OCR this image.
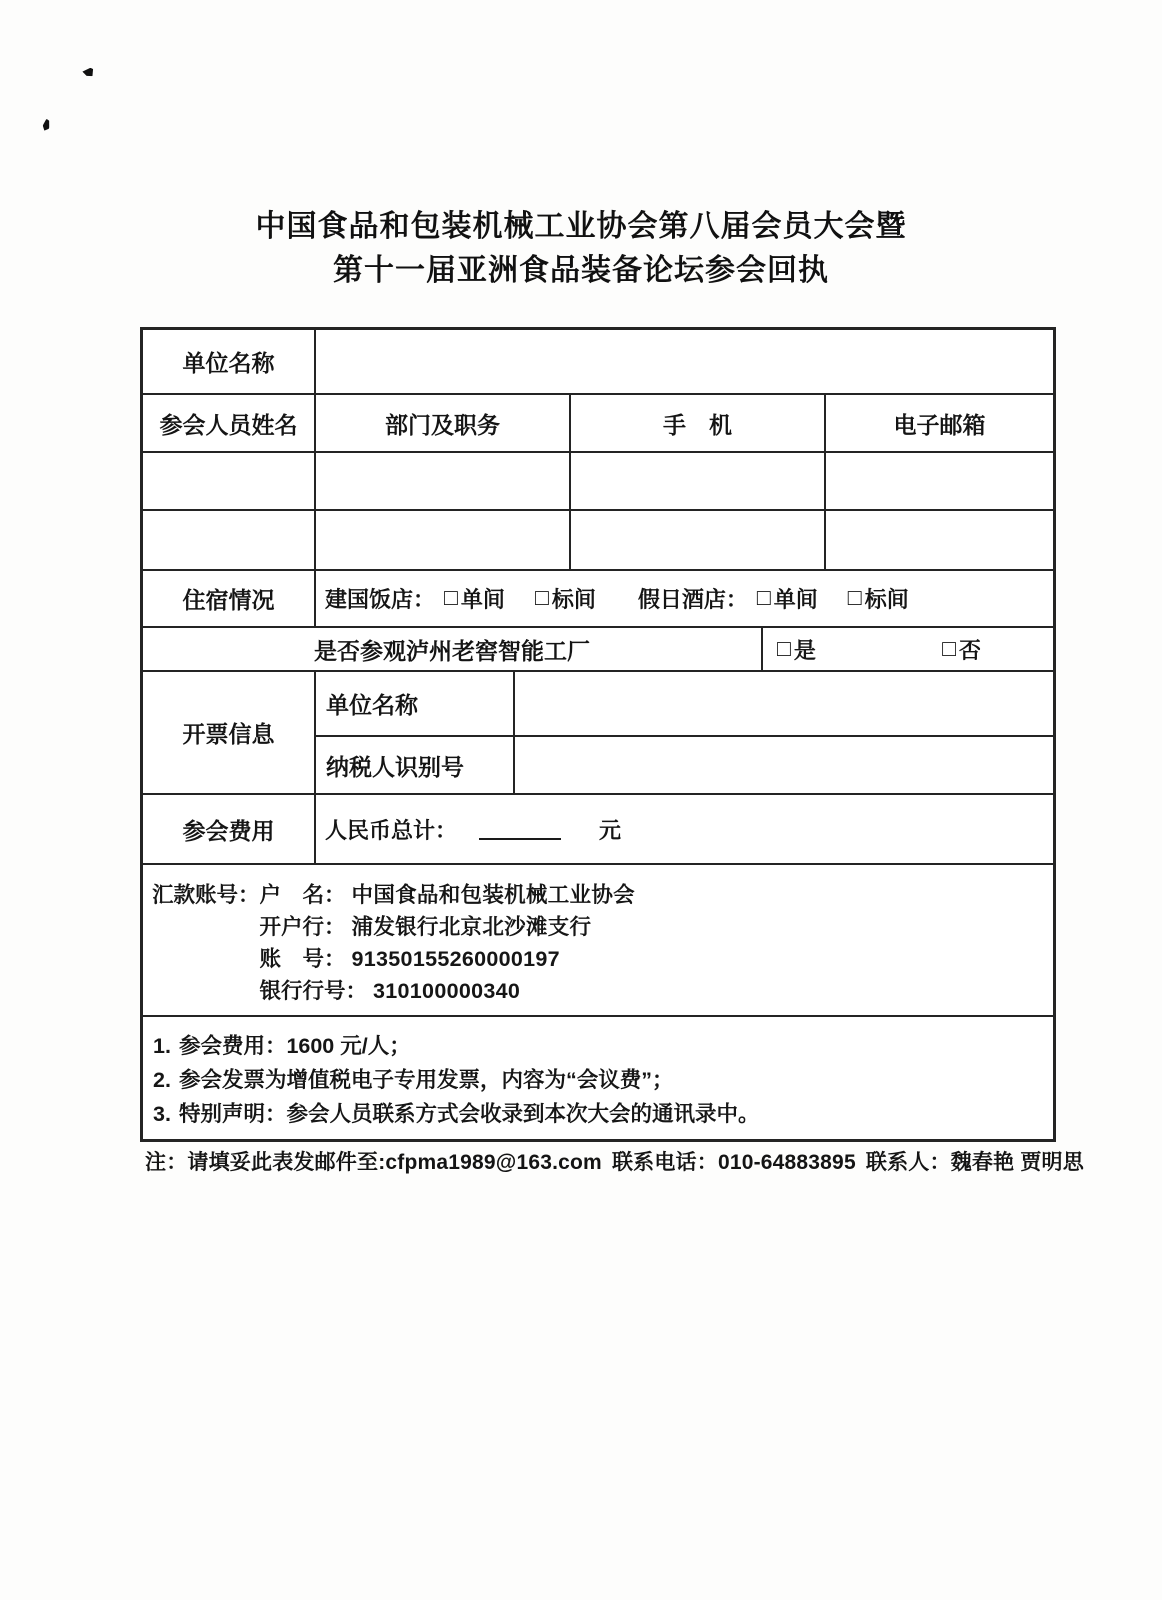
中国食品和包装机械工业协会第八届会员大会暨
第十一届亚洲食品装备论坛参会回执
单位名称
参会人员姓名	部门及职务	手　机	电子邮箱
住宿情况 建国饭店： □ 单间 □ 标间 假日酒店： □ 单间 □ 标间
是否参观泸州老窖智能工厂	□ 是	□ 否
开票信息
单位名称
纳税人识别号
参会费用 人民币总计：	元
汇款账号： 户　名： 中国食品和包装机械工业协会
开户行： 浦发银行北京北沙滩支行
账　号： 91350155260000197
银行行号： 310100000340
1. 参会费用：1600 元/人；
2. 参会发票为增值税电子专用发票，内容为“会议费”；
3. 特别声明：参会人员联系方式会收录到本次大会的通讯录中。
注：请填妥此表发邮件至:cfpma1989@163.com 联系电话：010-64883895 联系人：魏春艳 贾明思
